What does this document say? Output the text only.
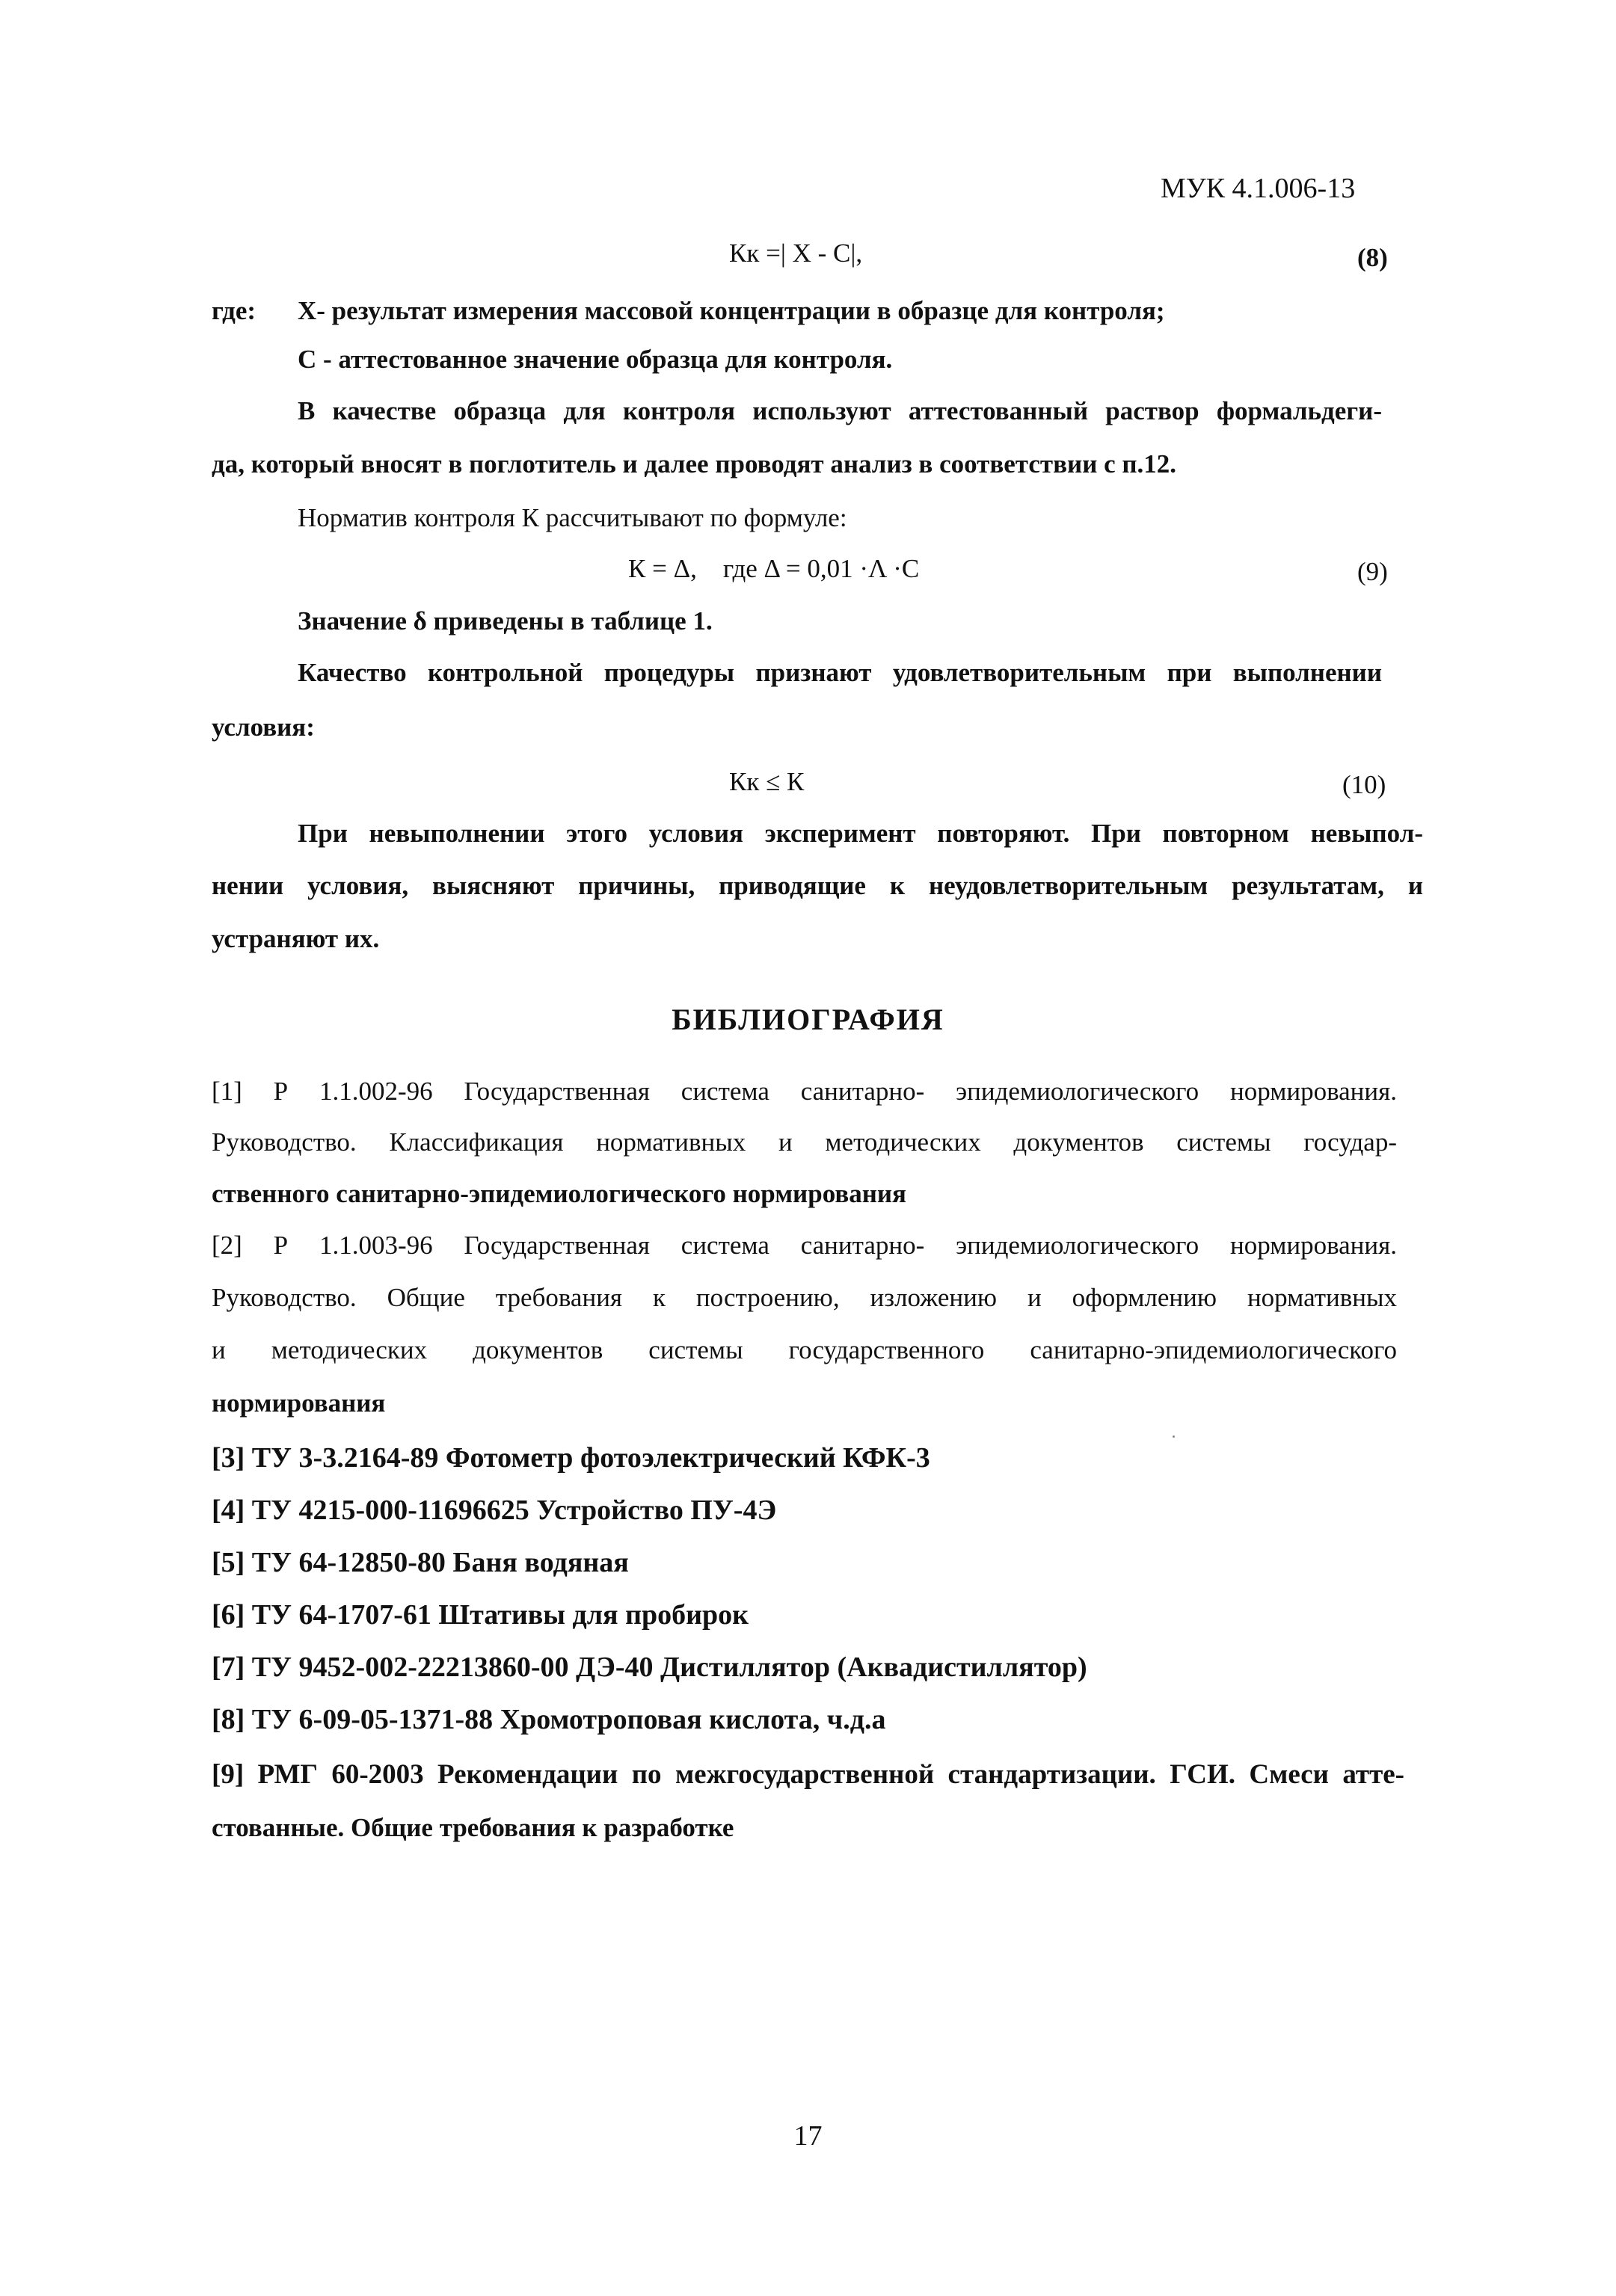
МУК 4.1.006-13
Кк =| Х - С|,	(8)
где: Х- результат измерения массовой концентрации в образце для контроля;
С - аттестованное значение образца для контроля.
В качестве образца для контроля используют аттестованный раствор формальдеги-
да, который вносят в поглотитель и далее проводят анализ в соответствии с п.12.
Норматив контроля К рассчитывают по формуле:
К = Δ,    где Δ = 0,01 ·Λ ·С	(9)
Значение δ приведены в таблице 1.
Качество контрольной процедуры признают удовлетворительным при выполнении
условия:
Кк ≤ К	(10)
При невыполнении этого условия эксперимент повторяют. При повторном невыпол-
нении условия, выясняют причины, приводящие к неудовлетворительным результатам, и
устраняют их.
БИБЛИОГРАФИЯ
[1] Р 1.1.002-96 Государственная система санитарно- эпидемиологического нормирования.
Руководство. Классификация нормативных и методических документов системы государ-
ственного санитарно-эпидемиологического нормирования
[2] Р 1.1.003-96 Государственная система санитарно- эпидемиологического нормирования.
Руководство. Общие требования к построению, изложению и оформлению нормативных
и методических документов системы государственного санитарно-эпидемиологического
нормирования
[3] ТУ 3-3.2164-89 Фотометр фотоэлектрический КФК-3
[4] ТУ 4215-000-11696625 Устройство ПУ-4Э
[5] ТУ 64-12850-80 Баня водяная
[6] ТУ 64-1707-61 Штативы для пробирок
[7] ТУ 9452-002-22213860-00 ДЭ-40 Дистиллятор (Аквадистиллятор)
[8] ТУ 6-09-05-1371-88 Хромотроповая кислота, ч.д.а
[9] РМГ 60-2003 Рекомендации по межгосударственной стандартизации. ГСИ. Смеси атте-
стованные. Общие требования к разработке
17
